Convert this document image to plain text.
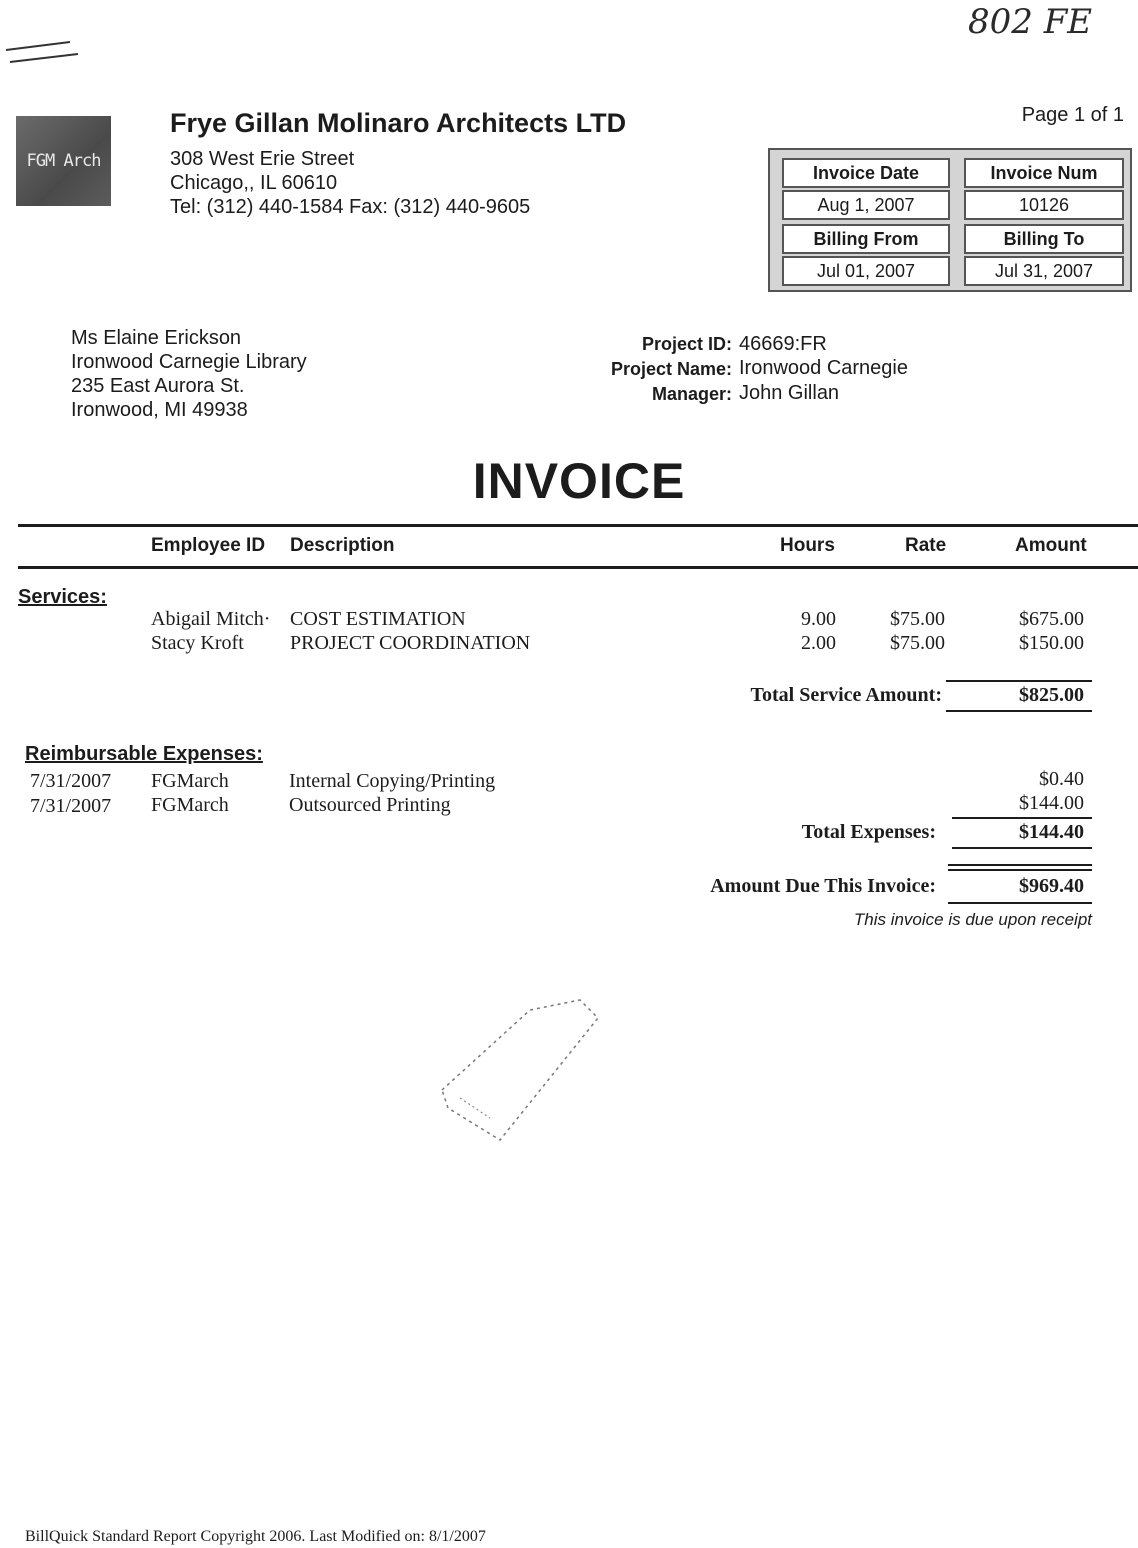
802 FE
FGM Arch
Frye Gillan Molinaro Architects LTD
308 West Erie Street
Chicago,, IL 60610
Tel: (312) 440-1584 Fax: (312) 440-9605
Page 1 of 1
Invoice Date	Invoice Num
Aug 1, 2007	10126
Billing From	Billing To
Jul 01, 2007	Jul 31, 2007
Ms Elaine Erickson
Ironwood Carnegie Library
235 East Aurora St.
Ironwood, MI 49938
Project ID: 46669:FR
Project Name: Ironwood Carnegie
Manager: John Gillan
INVOICE
Employee ID Description	Hours	Rate	Amount
Services:
Abigail Mitch· COST ESTIMATION	9.00	$75.00	$675.00
Stacy Kroft PROJECT COORDINATION	2.00	$75.00	$150.00
Total Service Amount:	$825.00
Reimbursable Expenses:
7/31/2007 FGMarch	Internal Copying/Printing	$0.40
7/31/2007 FGMarch	Outsourced Printing	$144.00
Total Expenses:	$144.40
Amount Due This Invoice:	$969.40
This invoice is due upon receipt
BillQuick Standard Report Copyright 2006. Last Modified on: 8/1/2007
